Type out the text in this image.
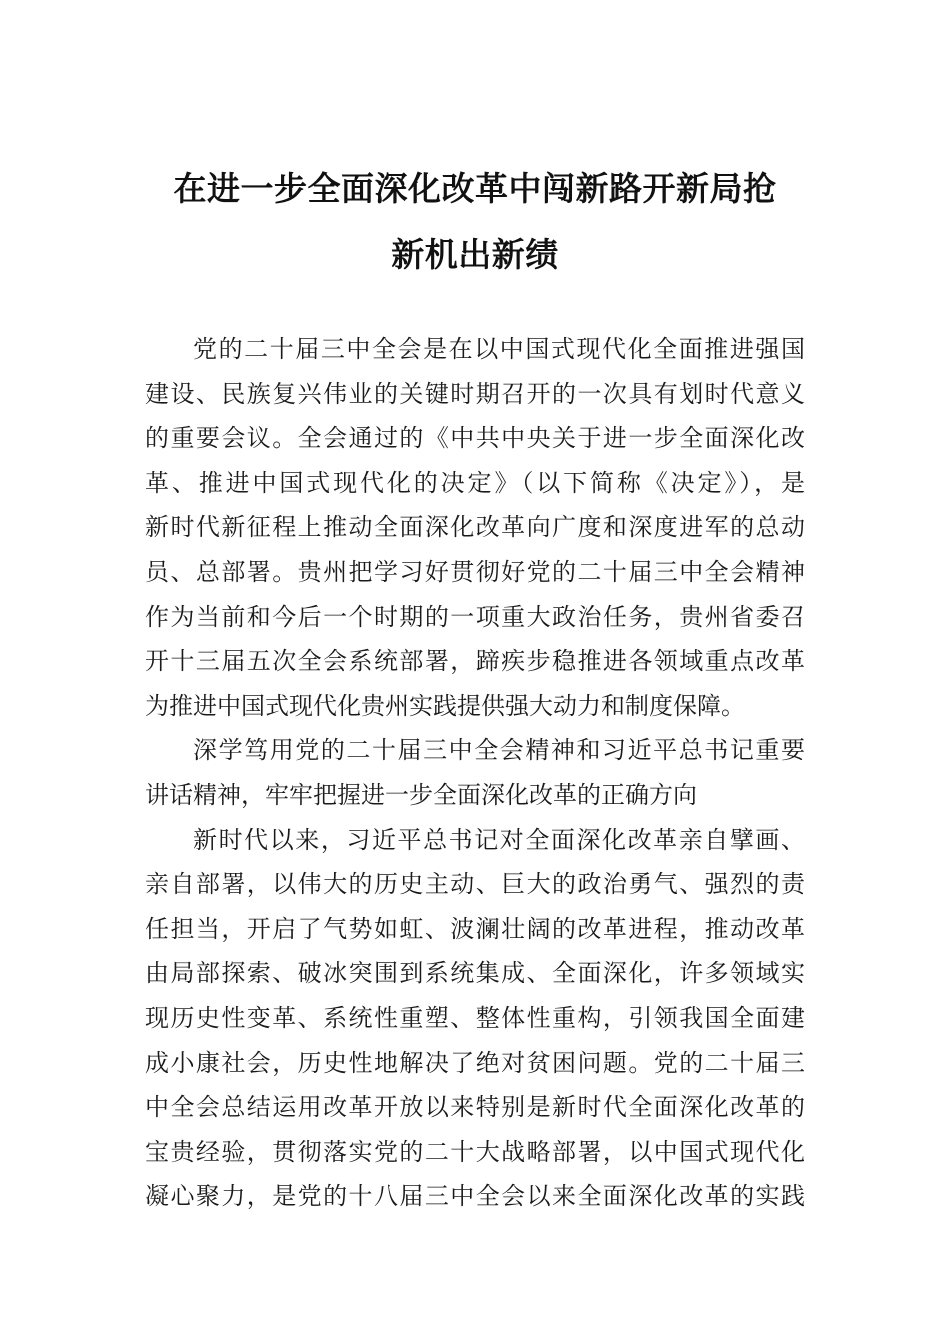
在进一步全面深化改革中闯新路开新局抢
新机出新绩
党的二十届三中全会是在以中国式现代化全面推进强国
建设、民族复兴伟业的关键时期召开的一次具有划时代意义
的重要会议。全会通过的《中共中央关于进一步全面深化改
革、推进中国式现代化的决定》（以下简称《决定》），是
新时代新征程上推动全面深化改革向广度和深度进军的总动
员、总部署。贵州把学习好贯彻好党的二十届三中全会精神
作为当前和今后一个时期的一项重大政治任务，贵州省委召
开十三届五次全会系统部署，蹄疾步稳推进各领域重点改革
为推进中国式现代化贵州实践提供强大动力和制度保障。
深学笃用党的二十届三中全会精神和习近平总书记重要
讲话精神，牢牢把握进一步全面深化改革的正确方向
新时代以来，习近平总书记对全面深化改革亲自擘画、
亲自部署，以伟大的历史主动、巨大的政治勇气、强烈的责
任担当，开启了气势如虹、波澜壮阔的改革进程，推动改革
由局部探索、破冰突围到系统集成、全面深化，许多领域实
现历史性变革、系统性重塑、整体性重构，引领我国全面建
成小康社会，历史性地解决了绝对贫困问题。党的二十届三
中全会总结运用改革开放以来特别是新时代全面深化改革的
宝贵经验，贯彻落实党的二十大战略部署，以中国式现代化
凝心聚力，是党的十八届三中全会以来全面深化改革的实践
